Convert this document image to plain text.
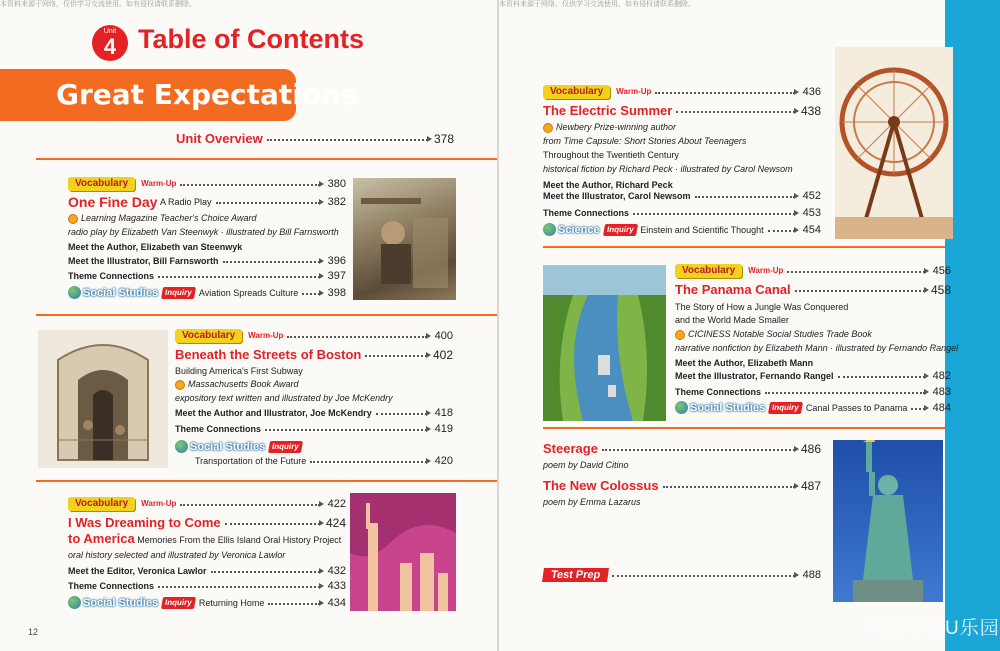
本资料来源于网络，仅供学习交流使用。如有侵权请联系删除。
Unit
4 Table of Contents
Great Expectations
Unit Overview	378
Vocabulary	Warm-Up	380
One Fine Day
A Radio Play	382
Learning Magazine Teacher's Choice Award
radio play by Elizabeth Van Steenwyk · illustrated by Bill Farnsworth
Meet the Author, Elizabeth van Steenwyk
Meet the Illustrator, Bill Farnsworth	396
Theme Connections	397
Social Studies Inquiry Aviation Spreads Culture	398
Vocabulary	Warm-Up	400
Beneath the Streets of Boston	402
Building America's First Subway
Massachusetts Book Award
expository text written and illustrated by Joe McKendry
Meet the Author and Illustrator, Joe McKendry	418
Theme Connections	419
Social Studies Inquiry
Transportation of the Future	420
Vocabulary	Warm-Up	422
I Was Dreaming to Come	424
to America Memories From the Ellis Island Oral History Project
oral history selected and illustrated by Veronica Lawlor
Meet the Editor, Veronica Lawlor	432
Theme Connections	433
Social Studies Inquiry Returning Home	434
12
本资料来源于网络，仅供学习交流使用。如有侵权请联系删除。
Vocabulary	Warm-Up	436
The Electric Summer	438
Newbery Prize-winning author
from Time Capsule: Short Stories About Teenagers
Throughout the Twentieth Century
historical fiction by Richard Peck · illustrated by Carol Newsom
Meet the Author, Richard Peck
Meet the Illustrator, Carol Newsom	452
Theme Connections	453
Science Inquiry Einstein and Scientific Thought	454
Vocabulary	Warm-Up	456
The Panama Canal	458
The Story of How a Jungle Was Conquered
and the World Made Smaller
CICINESS Notable Social Studies Trade Book
narrative nonfiction by Elizabeth Mann · illustrated by Fernando Rangel
Meet the Author, Elizabeth Mann
Meet the Illustrator, Fernando Rangel	482
Theme Connections	483
Social Studies Inquiry Canal Passes to Panama	484
Steerage	486
poem by David Citino
The New Colossus	487
poem by Emma Lazarus
Test Prep	488
啊啊学语U乐园
